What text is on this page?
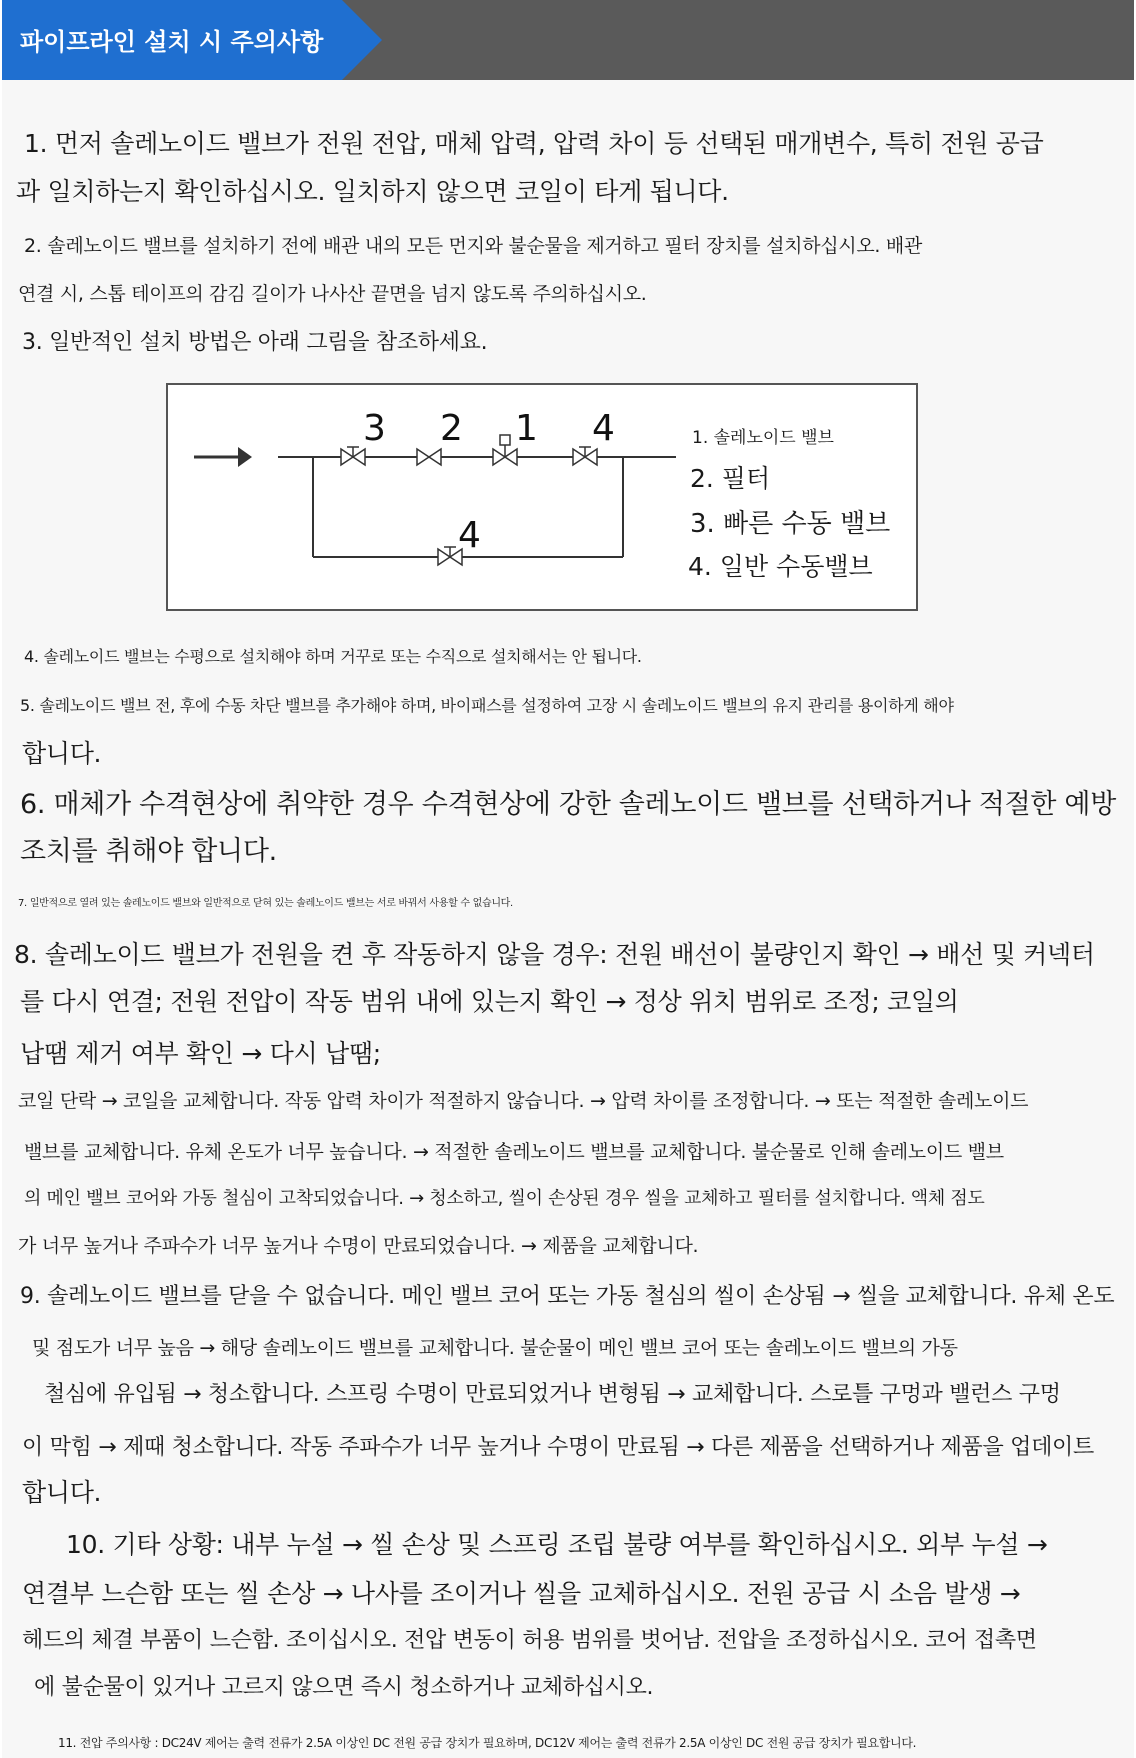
파이프라인 설치 시 주의사항
1. 먼저 솔레노이드 밸브가 전원 전압, 매체 압력, 압력 차이 등 선택된 매개변수, 특히 전원 공급
과 일치하는지 확인하십시오. 일치하지 않으면 코일이 타게 됩니다.
2. 솔레노이드 밸브를 설치하기 전에 배관 내의 모든 먼지와 불순물을 제거하고 필터 장치를 설치하십시오. 배관
연결 시, 스톱 테이프의 감김 길이가 나사산 끝면을 넘지 않도록 주의하십시오.
3. 일반적인 설치 방법은 아래 그림을 참조하세요.
3 2 1 4
4
1. 솔레노이드 밸브
2. 필터
3. 빠른 수동 밸브
4. 일반 수동밸브
4. 솔레노이드 밸브는 수평으로 설치해야 하며 거꾸로 또는 수직으로 설치해서는 안 됩니다.
5. 솔레노이드 밸브 전, 후에 수동 차단 밸브를 추가해야 하며, 바이패스를 설정하여 고장 시 솔레노이드 밸브의 유지 관리를 용이하게 해야
합니다.
6. 매체가 수격현상에 취약한 경우 수격현상에 강한 솔레노이드 밸브를 선택하거나 적절한 예방
조치를 취해야 합니다.
7. 일반적으로 열려 있는 솔레노이드 밸브와 일반적으로 닫혀 있는 솔레노이드 밸브는 서로 바꿔서 사용할 수 없습니다.
8. 솔레노이드 밸브가 전원을 켠 후 작동하지 않을 경우: 전원 배선이 불량인지 확인 → 배선 및 커넥터
를 다시 연결; 전원 전압이 작동 범위 내에 있는지 확인 → 정상 위치 범위로 조정; 코일의
납땜 제거 여부 확인 → 다시 납땜;
코일 단락 → 코일을 교체합니다. 작동 압력 차이가 적절하지 않습니다. → 압력 차이를 조정합니다. → 또는 적절한 솔레노이드
밸브를 교체합니다. 유체 온도가 너무 높습니다. → 적절한 솔레노이드 밸브를 교체합니다. 불순물로 인해 솔레노이드 밸브
의 메인 밸브 코어와 가동 철심이 고착되었습니다. → 청소하고, 씰이 손상된 경우 씰을 교체하고 필터를 설치합니다. 액체 점도
가 너무 높거나 주파수가 너무 높거나 수명이 만료되었습니다. → 제품을 교체합니다.
9. 솔레노이드 밸브를 닫을 수 없습니다. 메인 밸브 코어 또는 가동 철심의 씰이 손상됨 → 씰을 교체합니다. 유체 온도
및 점도가 너무 높음 → 해당 솔레노이드 밸브를 교체합니다. 불순물이 메인 밸브 코어 또는 솔레노이드 밸브의 가동
철심에 유입됨 → 청소합니다. 스프링 수명이 만료되었거나 변형됨 → 교체합니다. 스로틀 구멍과 밸런스 구멍
이 막힘 → 제때 청소합니다. 작동 주파수가 너무 높거나 수명이 만료됨 → 다른 제품을 선택하거나 제품을 업데이트
합니다.
10. 기타 상황: 내부 누설 → 씰 손상 및 스프링 조립 불량 여부를 확인하십시오. 외부 누설 →
연결부 느슨함 또는 씰 손상 → 나사를 조이거나 씰을 교체하십시오. 전원 공급 시 소음 발생 →
헤드의 체결 부품이 느슨함. 조이십시오. 전압 변동이 허용 범위를 벗어남. 전압을 조정하십시오. 코어 접촉면
에 불순물이 있거나 고르지 않으면 즉시 청소하거나 교체하십시오.
11. 전압 주의사항 : DC24V 제어는 출력 전류가 2.5A 이상인 DC 전원 공급 장치가 필요하며, DC12V 제어는 출력 전류가 2.5A 이상인 DC 전원 공급 장치가 필요합니다.
